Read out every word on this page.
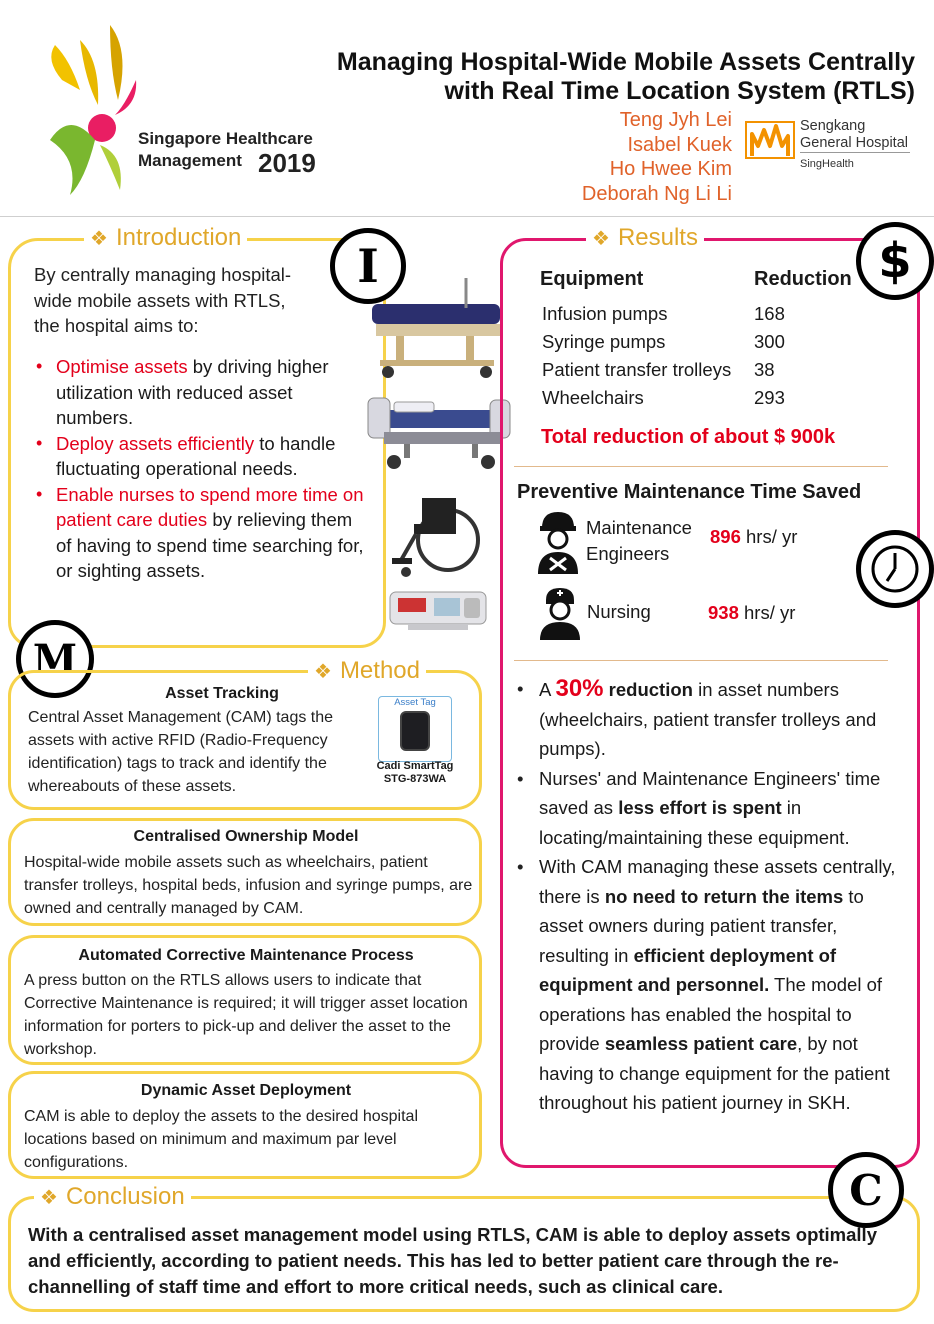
Singapore Healthcare
Management 2019
Managing Hospital-Wide Mobile Assets Centrally
with Real Time Location System (RTLS)
Teng Jyh Lei
Isabel Kuek
Ho Hwee Kim
Deborah Ng Li Li
Sengkang
General Hospital
SingHealth
❖ Introduction
I
By centrally managing hospital-wide mobile assets with RTLS, the hospital aims to:
• Optimise assets by driving higher utilization with reduced asset numbers.
• Deploy assets efficiently to handle fluctuating operational needs.
• Enable nurses to spend more time on patient care duties by relieving them of having to spend time searching for, or sighting assets.
M	❖ Method
Asset Tracking
Central Asset Management (CAM) tags the assets with active RFID (Radio-Frequency identification) tags to track and identify the whereabouts of these assets.
Asset Tag
Cadi SmartTag
STG-873WA
Centralised Ownership Model
Hospital-wide mobile assets such as wheelchairs, patient transfer trolleys, hospital beds, infusion and syringe pumps, are owned and centrally managed by CAM.
Automated Corrective Maintenance Process
A press button on the RTLS allows users to indicate that Corrective Maintenance is required; it will trigger asset location information for porters to pick-up and deliver the asset to the workshop.
Dynamic Asset Deployment
CAM is able to deploy the assets to the desired hospital locations based on minimum and maximum par level configurations.
❖ Results	$
Equipment	Reduction
Infusion pumps	168
Syringe pumps	300
Patient transfer trolleys	38
Wheelchairs	293
Total reduction of about $ 900k
Preventive Maintenance Time Saved
Maintenance
Engineers
896 hrs/ yr
Nursing	938 hrs/ yr
• A 30% reduction in asset numbers (wheelchairs, patient transfer trolleys and pumps).
• Nurses' and Maintenance Engineers' time saved as less effort is spent in locating/maintaining these equipment.
• With CAM managing these assets centrally, there is no need to return the items to asset owners during patient transfer, resulting in efficient deployment of equipment and personnel. The model of operations has enabled the hospital to provide seamless patient care, by not having to change equipment for the patient throughout his patient journey in SKH.
❖ Conclusion	C
With a centralised asset management model using RTLS, CAM is able to deploy assets optimally and efficiently, according to patient needs. This has led to better patient care through the re-channelling of staff time and effort to more critical needs, such as clinical care.
